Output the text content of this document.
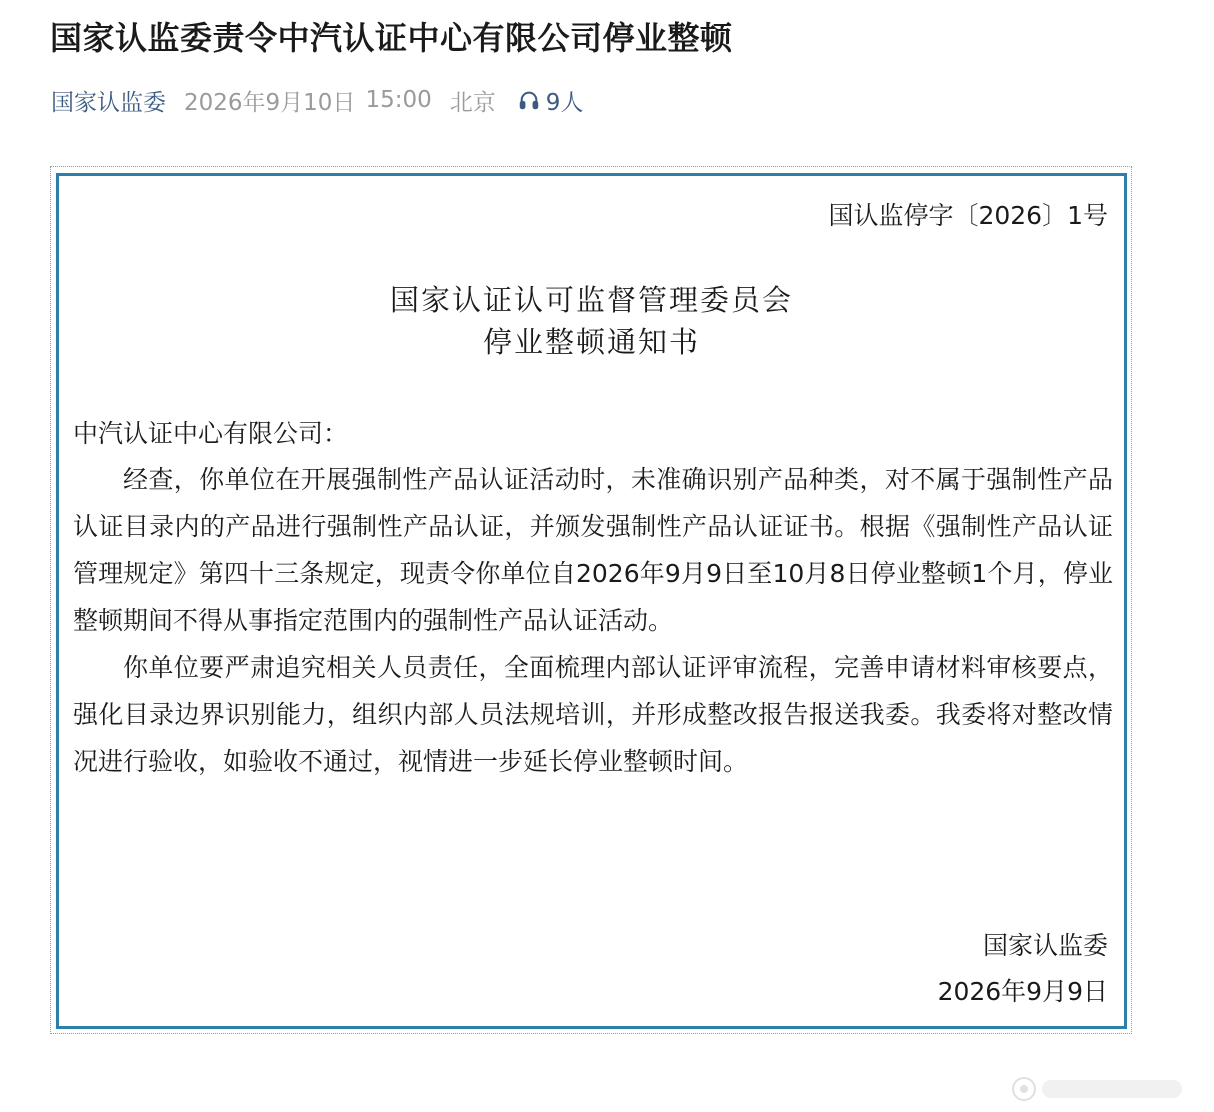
国家认监委责令中汽认证中心有限公司停业整顿
国家认监委 2026年9月10日 15:00 北京 9人
国认监停字〔2026〕1号
国家认证认可监督管理委员会
停业整顿通知书
中汽认证中心有限公司：

经查，你单位在开展强制性产品认证活动时，未准确识别产品种类，对不属于强制性产品认证目录内的产品进行强制性产品认证，并颁发强制性产品认证证书。根据《强制性产品认证管理规定》第四十三条规定，现责令你单位自2026年9月9日至10月8日停业整顿1个月，停业整顿期间不得从事指定范围内的强制性产品认证活动。

你单位要严肃追究相关人员责任，全面梳理内部认证评审流程，完善申请材料审核要点，强化目录边界识别能力，组织内部人员法规培训，并形成整改报告报送我委。我委将对整改情况进行验收，如验收不通过，视情进一步延长停业整顿时间。

国家认监委
2026年9月9日
